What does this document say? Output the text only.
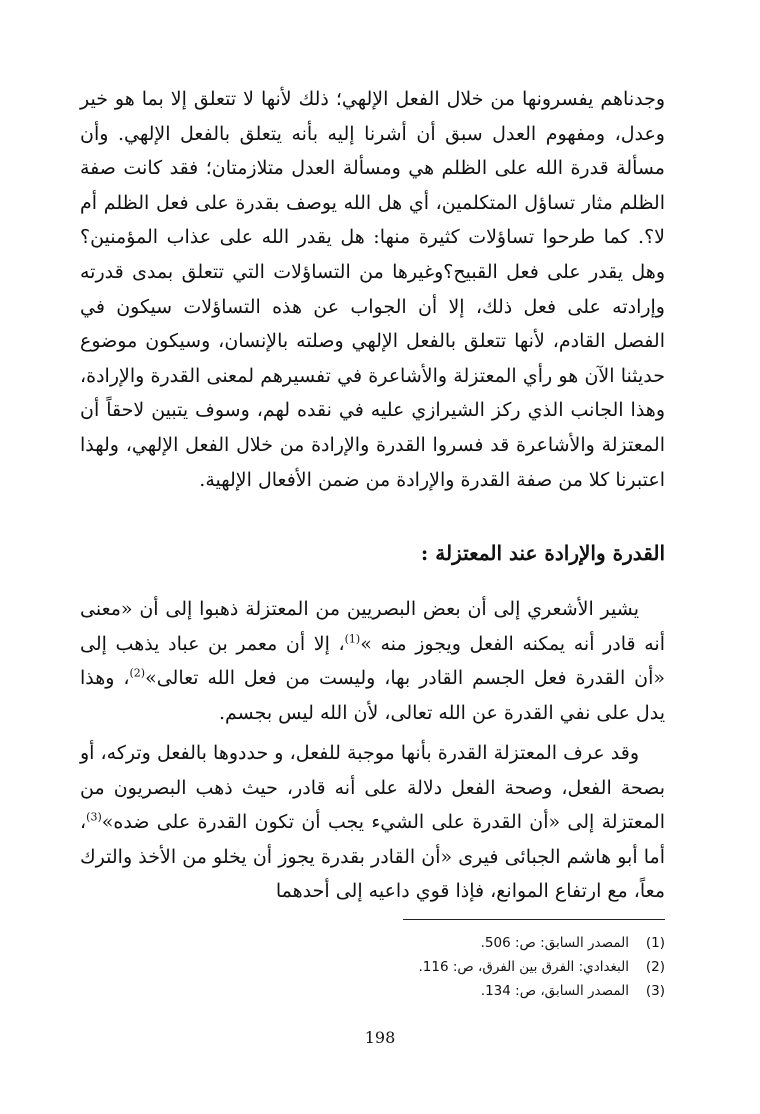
وجدناهم يفسرونها من خلال الفعل الإلهي؛ ذلك لأنها لا تتعلق إلا بما هو خير وعدل، ومفهوم العدل سبق أن أشرنا إليه بأنه يتعلق بالفعل الإلهي. وأن مسألة قدرة الله على الظلم هي ومسألة العدل متلازمتان؛ فقد كانت صفة الظلم مثار تساؤل المتكلمين، أي هل الله يوصف بقدرة على فعل الظلم أم لا؟. كما طرحوا تساؤلات كثيرة منها: هل يقدر الله على عذاب المؤمنين؟وهل يقدر على فعل القبيح؟وغيرها من التساؤلات التي تتعلق بمدى قدرته وإرادته على فعل ذلك، إلا أن الجواب عن هذه التساؤلات سيكون في الفصل القادم، لأنها تتعلق بالفعل الإلهي وصلته بالإنسان، وسيكون موضوع حديثنا الآن هو رأي المعتزلة والأشاعرة في تفسيرهم لمعنى القدرة والإرادة، وهذا الجانب الذي ركز الشيرازي عليه في نقده لهم، وسوف يتبين لاحقاً أن المعتزلة والأشاعرة قد فسروا القدرة والإرادة من خلال الفعل الإلهي، ولهذا اعتبرنا كلا من صفة القدرة والإرادة من ضمن الأفعال الإلهية.

القدرة والإرادة عند المعتزلة :

يشير الأشعري إلى أن بعض البصريين من المعتزلة ذهبوا إلى أن «معنى أنه قادر أنه يمكنه الفعل ويجوز منه »$^{(1)}$، إلا أن معمر بن عباد يذهب إلى «أن القدرة فعل الجسم القادر بها، وليست من فعل الله تعالى»$^{(2)}$، وهذا يدل على نفي القدرة عن الله تعالى، لأن الله ليس بجسم.

وقد عرف المعتزلة القدرة بأنها موجبة للفعل، و حددوها بالفعل وتركه، أو بصحة الفعل، وصحة الفعل دلالة على أنه قادر، حيث ذهب البصريون من المعتزلة إلى «أن القدرة على الشيء يجب أن تكون القدرة على ضده»$^{(3)}$، أما أبو هاشم الجبائى فيرى «أن القادر بقدرة يجوز أن يخلو من الأخذ والترك معاً، مع ارتفاع الموانع، فإذا قوي داعيه إلى أحدهما

(1)
المصدر السابق: ص: 506.
(2)
البغدادي: الفرق بين الفرق، ص: 116.
(3)
المصدر السابق، ص: 134.
198
